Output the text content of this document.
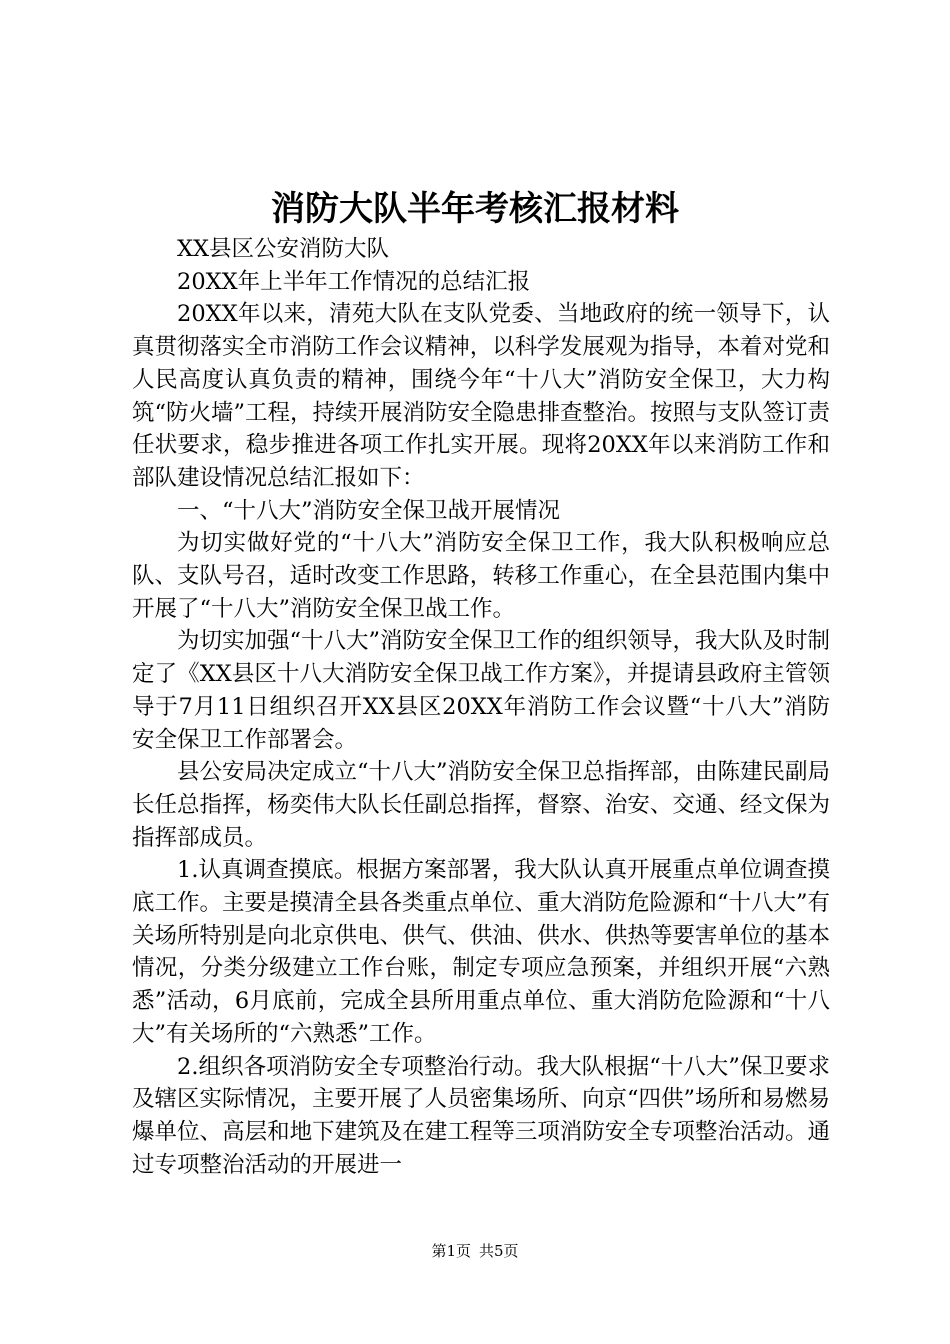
消防大队半年考核汇报材料

XX县区公安消防大队

20XX年上半年工作情况的总结汇报

20XX年以来，清苑大队在支队党委、当地政府的统一领导下，认真贯彻落实全市消防工作会议精神，以科学发展观为指导，本着对党和人民高度认真负责的精神，围绕今年“十八大”消防安全保卫，大力构筑“防火墙”工程，持续开展消防安全隐患排查整治。按照与支队签订责任状要求，稳步推进各项工作扎实开展。现将20XX年以来消防工作和部队建设情况总结汇报如下：

一、“十八大”消防安全保卫战开展情况

为切实做好党的“十八大”消防安全保卫工作，我大队积极响应总队、支队号召，适时改变工作思路，转移工作重心，在全县范围内集中开展了“十八大”消防安全保卫战工作。

为切实加强“十八大”消防安全保卫工作的组织领导，我大队及时制定了《XX县区十八大消防安全保卫战工作方案》，并提请县政府主管领导于7月11日组织召开XX县区20XX年消防工作会议暨“十八大”消防安全保卫工作部署会。

县公安局决定成立“十八大”消防安全保卫总指挥部，由陈建民副局长任总指挥，杨奕伟大队长任副总指挥，督察、治安、交通、经文保为指挥部成员。

1.认真调查摸底。根据方案部署，我大队认真开展重点单位调查摸底工作。主要是摸清全县各类重点单位、重大消防危险源和“十八大”有关场所特别是向北京供电、供气、供油、供水、供热等要害单位的基本情况，分类分级建立工作台账，制定专项应急预案，并组织开展“六熟悉”活动，6月底前，完成全县所用重点单位、重大消防危险源和“十八大”有关场所的“六熟悉”工作。

2.组织各项消防安全专项整治行动。我大队根据“十八大”保卫要求及辖区实际情况，主要开展了人员密集场所、向京“四供”场所和易燃易爆单位、高层和地下建筑及在建工程等三项消防安全专项整治活动。通过专项整治活动的开展进一

第1页 共5页
